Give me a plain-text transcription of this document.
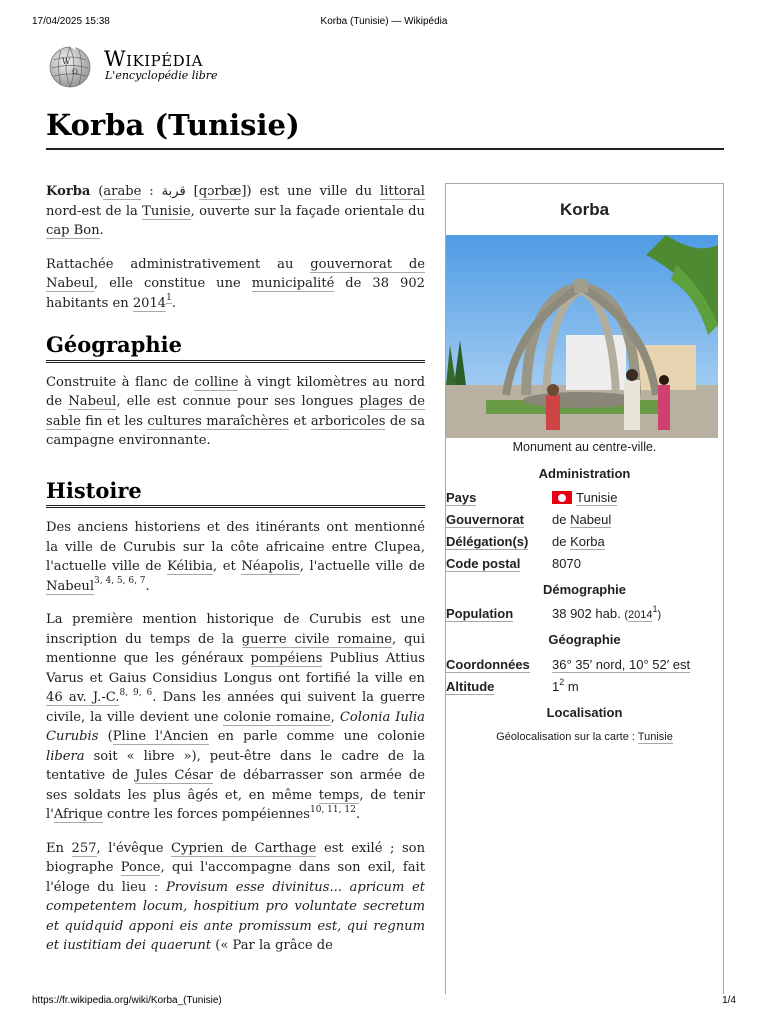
17/04/2025 15:38	Korba (Tunisie) — Wikipédia
W
Ω
Wikipédia
L'encyclopédie libre
Korba (Tunisie)

Korba (arabe : قربة [qɔrbæ]) est une ville du littoral nord-est de la Tunisie, ouverte sur la façade orientale du cap Bon.

Rattachée administrativement au gouvernorat de Nabeul, elle constitue une municipalité de 38 902 habitants en 2014$^1$.

Géographie

Construite à flanc de colline à vingt kilomètres au nord de Nabeul, elle est connue pour ses longues plages de sable fin et les cultures maraîchères et arboricoles de sa campagne environnante.

Histoire

Des anciens historiens et des itinérants ont mentionné la ville de Curubis sur la côte africaine entre Clupea, l'actuelle ville de Kélibia, et Néapolis, l'actuelle ville de Nabeul$^{3, 4, 5, 6, 7}$.

La première mention historique de Curubis est une inscription du temps de la guerre civile romaine, qui mentionne que les généraux pompéiens Publius Attius Varus et Gaius Considius Longus ont fortifié la ville en 46 av. J.-C.$^{8, 9, 6}$. Dans les années qui suivent la guerre civile, la ville devient une colonie romaine, Colonia Iulia Curubis (Pline l'Ancien en parle comme une colonie libera soit « libre »), peut-être dans le cadre de la tentative de Jules César de débarrasser son armée de ses soldats les plus âgés et, en même temps, de tenir l'Afrique contre les forces pompéiennes$^{10, 11, 12}$.

En 257, l'évêque Cyprien de Carthage est exilé ; son biographe Ponce, qui l'accompagne dans son exil, fait l'éloge du lieu : Provisum esse divinitus... apricum et competentem locum, hospitium pro voluntate secretum et quidquid apponi eis ante promissum est, qui regnum et iustitiam dei quaerunt (« Par la grâce de

Korba
Monument au centre-ville.
Administration
Pays	Tunisie
Gouvernorat de Nabeul
Délégation(s) de Korba
Code postal 8070
Démographie
Population	38 902 hab. (2014$^1$)
Géographie
Coordonnées 36° 35′ nord, 10° 52′ est
Altitude	$1^2$ m
Localisation
Géolocalisation sur la carte : Tunisie
https://fr.wikipedia.org/wiki/Korba_(Tunisie)	1/4
